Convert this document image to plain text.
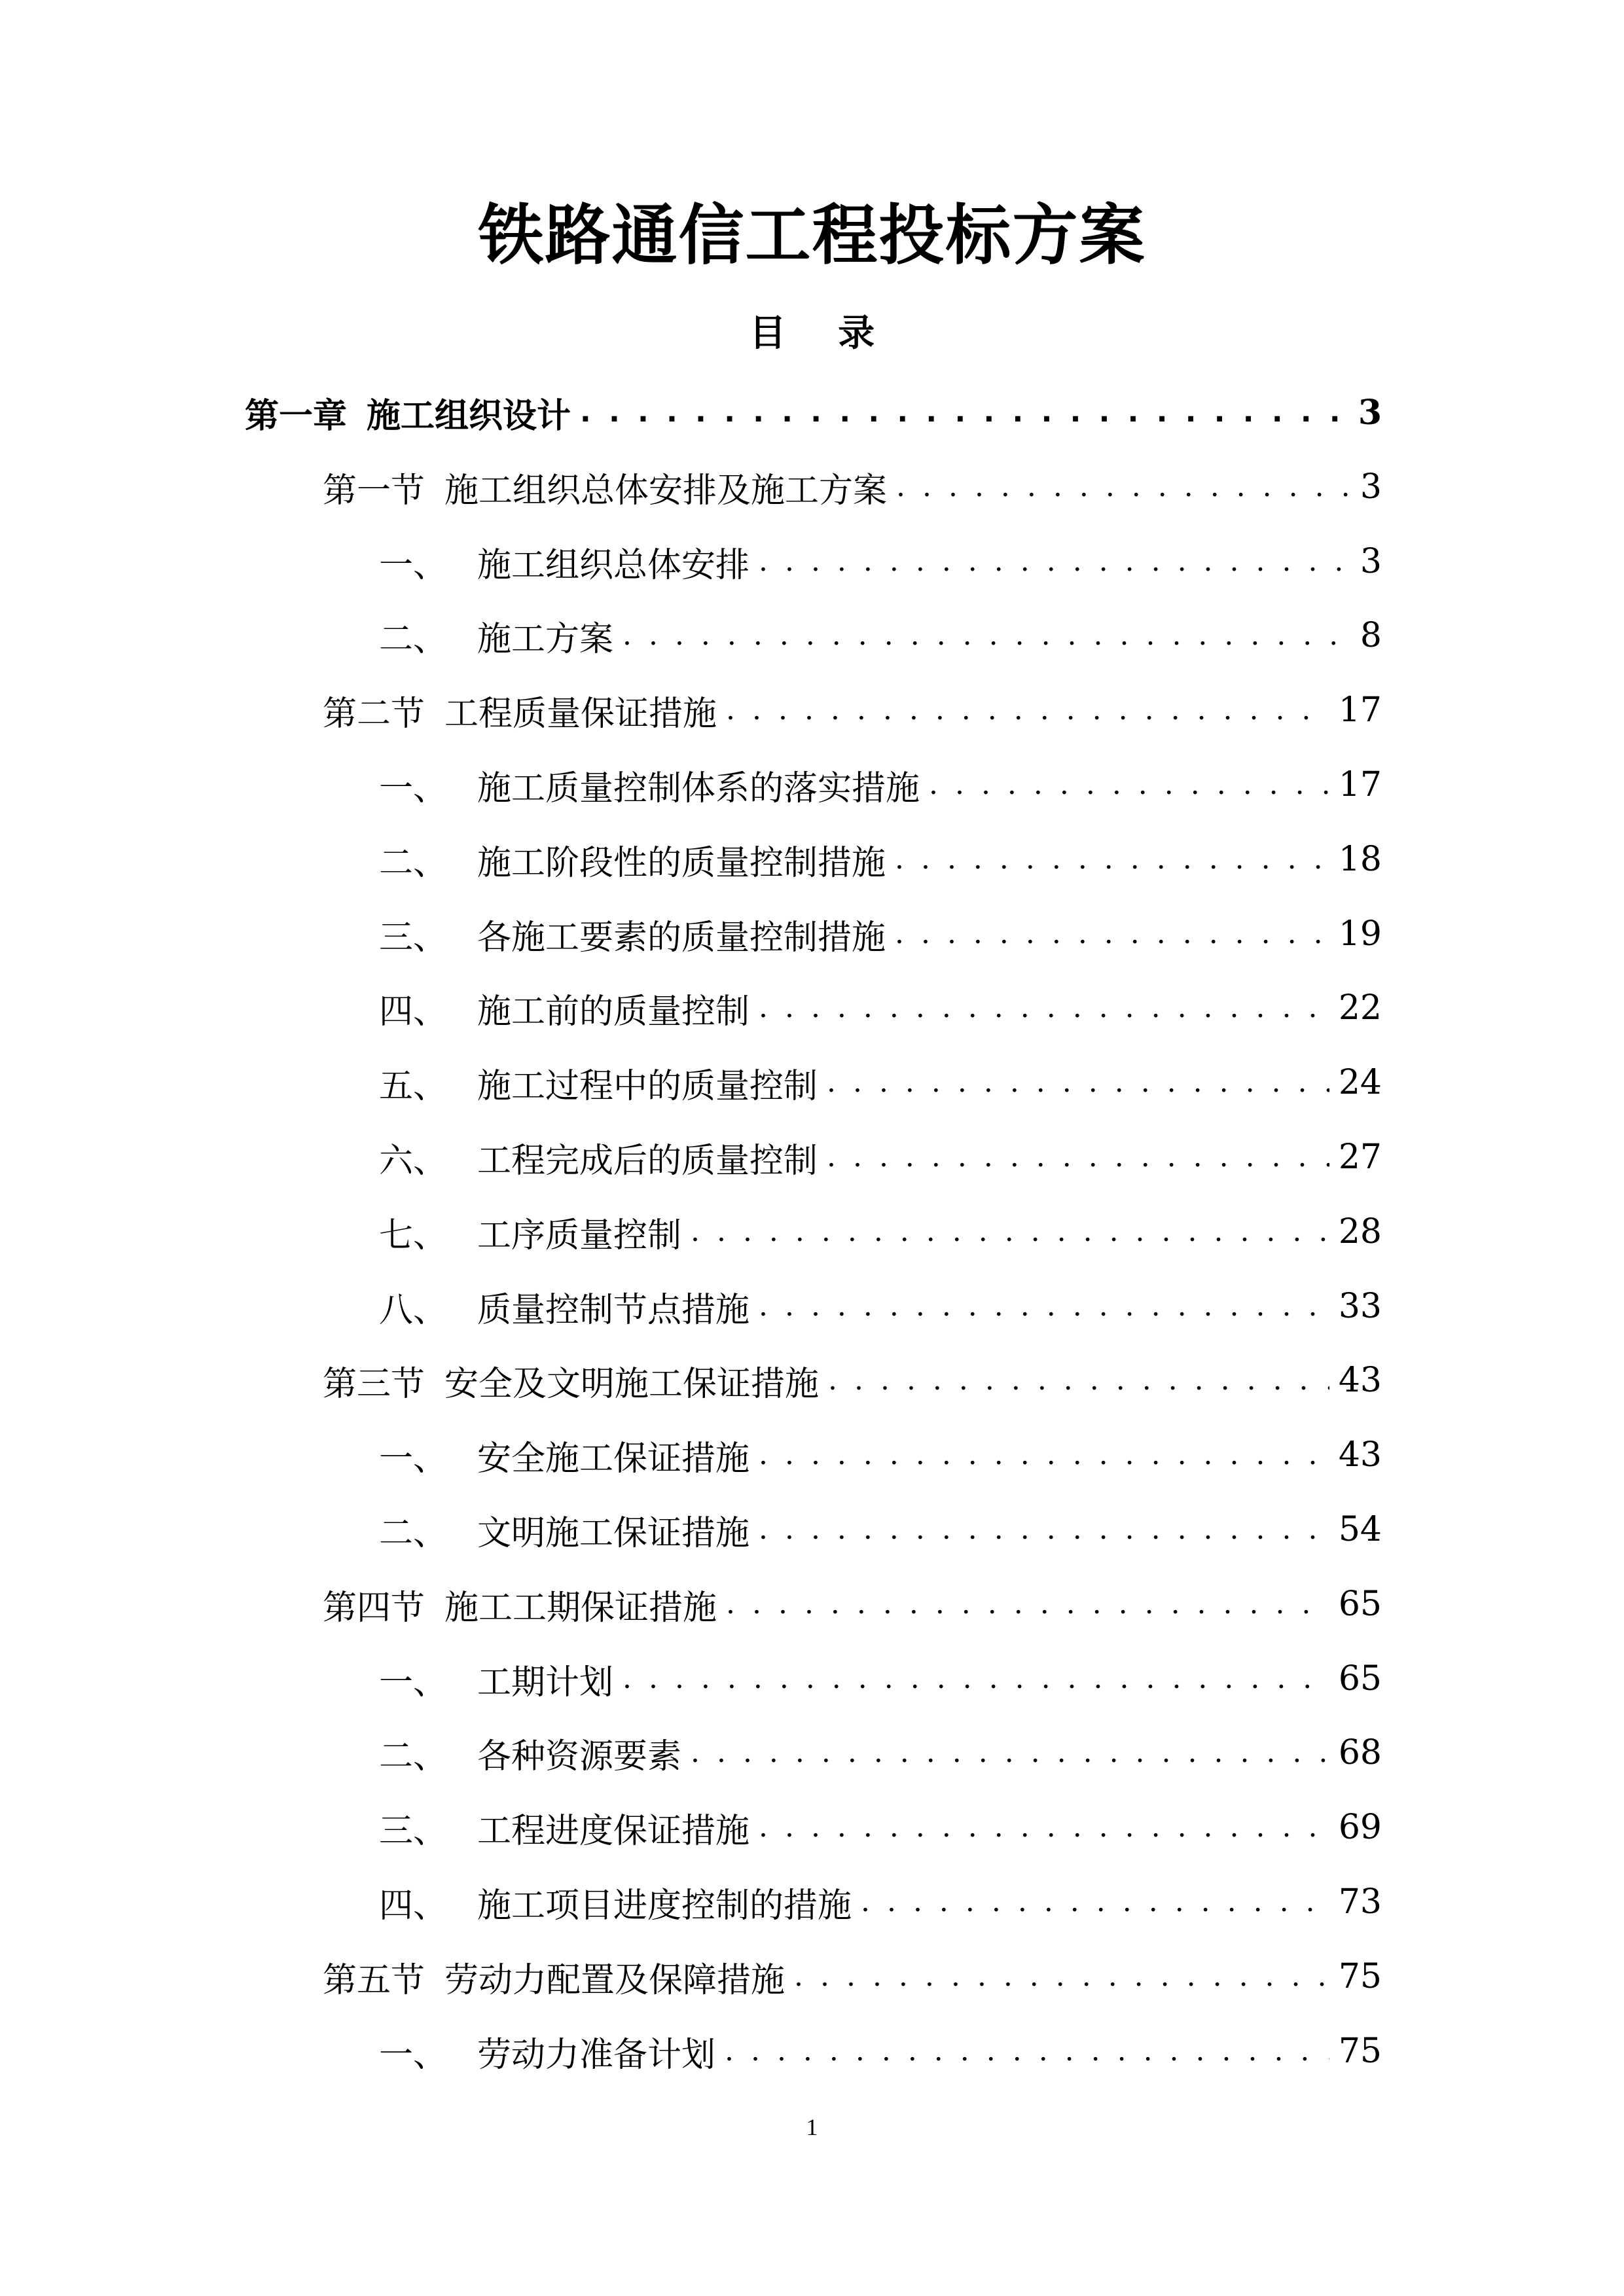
铁路通信工程投标方案
目 录
第一章 施工组织设计 . . .	3
第一节 施工组织总体安排及施工方案 . . .	3
一、 施工组织总体安排 . . .	3
二、 施工方案 . . .	8
第二节 工程质量保证措施 . . .	17
一、 施工质量控制体系的落实措施 . . .	17
二、 施工阶段性的质量控制措施 . . .	18
三、 各施工要素的质量控制措施 . . .	19
四、 施工前的质量控制 . . .	22
五、 施工过程中的质量控制 . . .	24
六、 工程完成后的质量控制 . . .	27
七、 工序质量控制 . . .	28
八、 质量控制节点措施 . . .	33
第三节 安全及文明施工保证措施 . . .	43
一、 安全施工保证措施 . . .	43
二、 文明施工保证措施 . . .	54
第四节 施工工期保证措施 . . .	65
一、 工期计划 . . .	65
二、 各种资源要素 . . .	68
三、 工程进度保证措施 . . .	69
四、 施工项目进度控制的措施 . . .	73
第五节 劳动力配置及保障措施 . . .	75
一、 劳动力准备计划 . . .	75
1
